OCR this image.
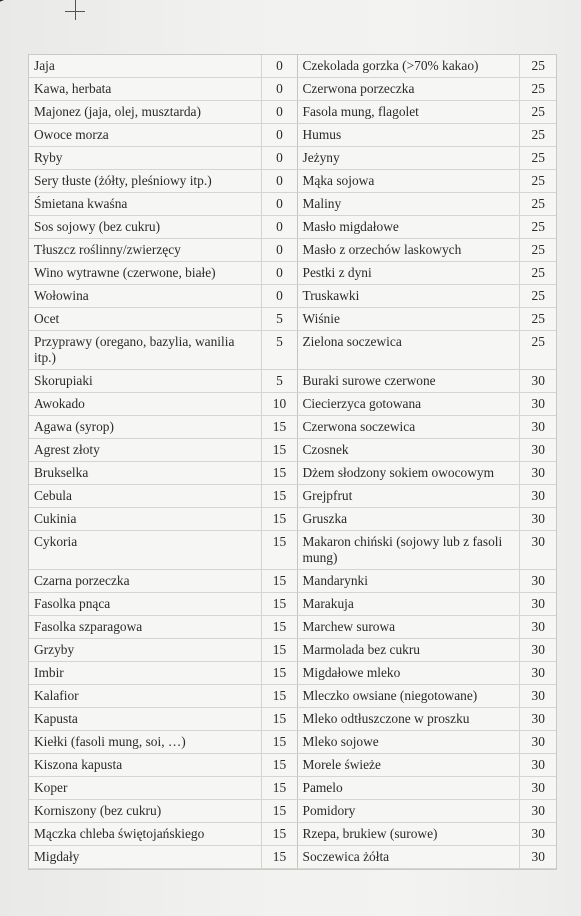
Jaja	0	Czekolada gorzka (>70% kakao)	25
Kawa, herbata	0	Czerwona porzeczka	25
Majonez (jaja, olej, musztarda)	0	Fasola mung, flagolet	25
Owoce morza	0	Humus	25
Ryby	0	Jeżyny	25
Sery tłuste (żółty, pleśniowy itp.)	0	Mąka sojowa	25
Śmietana kwaśna	0	Maliny	25
Sos sojowy (bez cukru)	0	Masło migdałowe	25
Tłuszcz roślinny/zwierzęcy	0	Masło z orzechów laskowych	25
Wino wytrawne (czerwone, białe)	0	Pestki z dyni	25
Wołowina	0	Truskawki	25
Ocet	5	Wiśnie	25
Przyprawy (oregano, bazylia, wanilia itp.)	5	Zielona soczewica	25
Skorupiaki	5	Buraki surowe czerwone	30
Awokado	10	Ciecierzyca gotowana	30
Agawa (syrop)	15	Czerwona soczewica	30
Agrest złoty	15	Czosnek	30
Brukselka	15	Dżem słodzony sokiem owocowym	30
Cebula	15	Grejpfrut	30
Cukinia	15	Gruszka	30
Cykoria	15	Makaron chiński (sojowy lub z fasoli mung)	30
Czarna porzeczka	15	Mandarynki	30
Fasolka pnąca	15	Marakuja	30
Fasolka szparagowa	15	Marchew surowa	30
Grzyby	15	Marmolada bez cukru	30
Imbir	15	Migdałowe mleko	30
Kalafior	15	Mleczko owsiane (niegotowane)	30
Kapusta	15	Mleko odtłuszczone w proszku	30
Kiełki (fasoli mung, soi, …)	15	Mleko sojowe	30
Kiszona kapusta	15	Morele świeże	30
Koper	15	Pamelo	30
Korniszony (bez cukru)	15	Pomidory	30
Mączka chleba świętojańskiego	15	Rzepa, brukiew (surowe)	30
Migdały	15	Soczewica żółta	30
